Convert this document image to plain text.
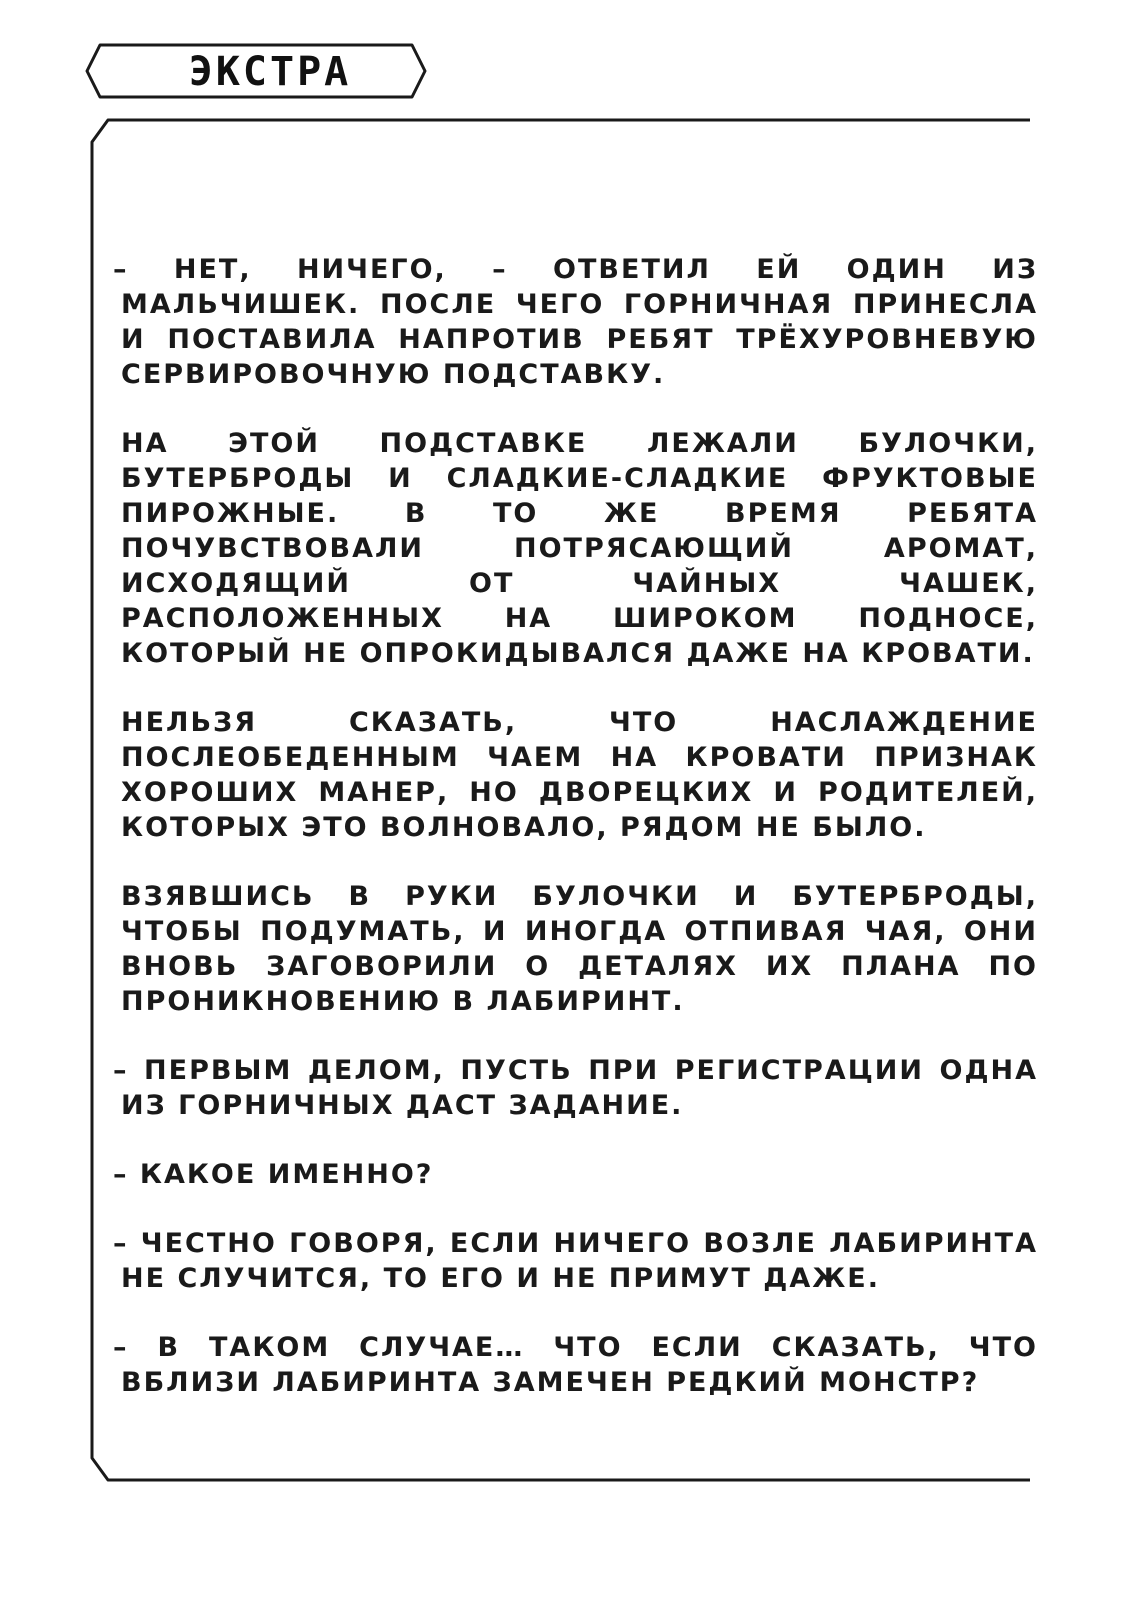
ЭКСТРА

– НЕТ, НИЧЕГО, – ОТВЕТИЛ ЕЙ ОДИН ИЗ МАЛЬЧИШЕК. ПОСЛЕ ЧЕГО ГОРНИЧНАЯ ПРИНЕСЛА И ПОСТАВИЛА НАПРОТИВ РЕБЯТ ТРЁХУРОВНЕВУЮ СЕРВИРОВОЧНУЮ ПОДСТАВКУ.

НА ЭТОЙ ПОДСТАВКЕ ЛЕЖАЛИ БУЛОЧКИ, БУТЕРБРОДЫ И СЛАДКИЕ-СЛАДКИЕ ФРУКТОВЫЕ ПИРОЖНЫЕ. В ТО ЖЕ ВРЕМЯ РЕБЯТА ПОЧУВСТВОВАЛИ ПОТРЯСАЮЩИЙ АРОМАТ, ИСХОДЯЩИЙ ОТ ЧАЙНЫХ ЧАШЕК, РАСПОЛОЖЕННЫХ НА ШИРОКОМ ПОДНОСЕ, КОТОРЫЙ НЕ ОПРОКИДЫВАЛСЯ ДАЖЕ НА КРОВАТИ.

НЕЛЬЗЯ СКАЗАТЬ, ЧТО НАСЛАЖДЕНИЕ ПОСЛЕОБЕДЕННЫМ ЧАЕМ НА КРОВАТИ ПРИЗНАК ХОРОШИХ МАНЕР, НО ДВОРЕЦКИХ И РОДИТЕЛЕЙ, КОТОРЫХ ЭТО ВОЛНОВАЛО, РЯДОМ НЕ БЫЛО.

ВЗЯВШИСЬ В РУКИ БУЛОЧКИ И БУТЕРБРОДЫ, ЧТОБЫ ПОДУМАТЬ, И ИНОГДА ОТПИВАЯ ЧАЯ, ОНИ ВНОВЬ ЗАГОВОРИЛИ О ДЕТАЛЯХ ИХ ПЛАНА ПО ПРОНИКНОВЕНИЮ В ЛАБИРИНТ.

– ПЕРВЫМ ДЕЛОМ, ПУСТЬ ПРИ РЕГИСТРАЦИИ ОДНА ИЗ ГОРНИЧНЫХ ДАСТ ЗАДАНИЕ.

– КАКОЕ ИМЕННО?

– ЧЕСТНО ГОВОРЯ, ЕСЛИ НИЧЕГО ВОЗЛЕ ЛАБИРИНТА НЕ СЛУЧИТСЯ, ТО ЕГО И НЕ ПРИМУТ ДАЖЕ.

– В ТАКОМ СЛУЧАЕ… ЧТО ЕСЛИ СКАЗАТЬ, ЧТО ВБЛИЗИ ЛАБИРИНТА ЗАМЕЧЕН РЕДКИЙ МОНСТР?
